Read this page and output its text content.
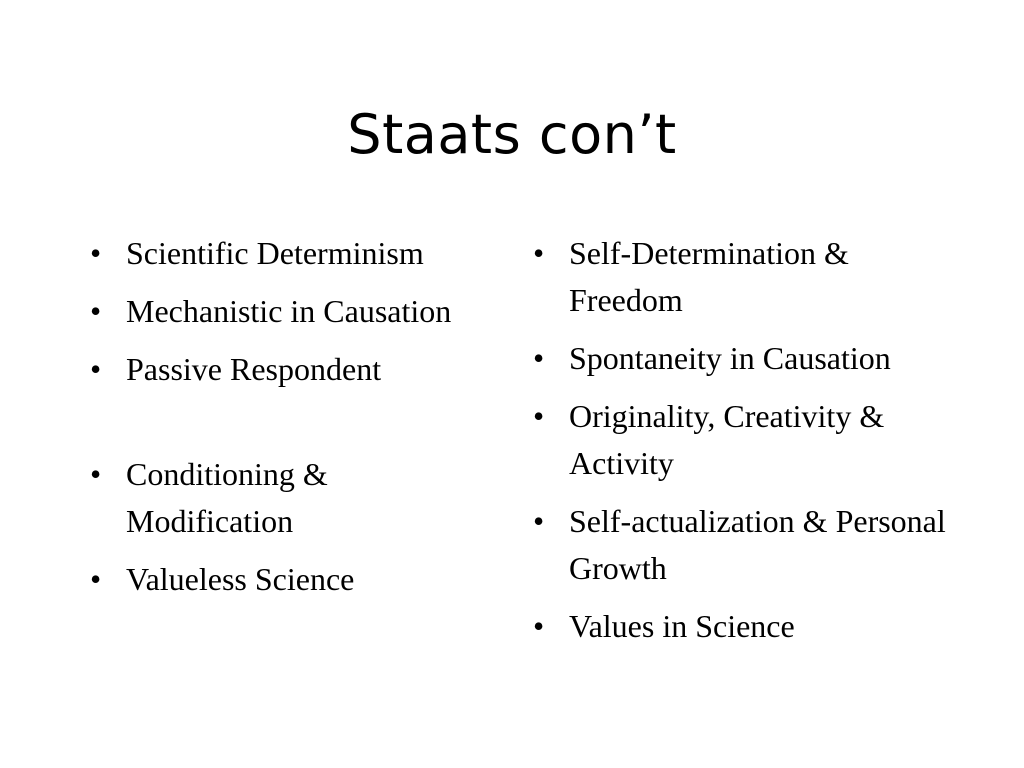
Staats con’t
• Scientific Determinism
• Mechanistic in Causation
• Passive Respondent
• Conditioning & Modification
• Valueless Science
• Self-Determination & Freedom
• Spontaneity in Causation
• Originality, Creativity & Activity
• Self-actualization & Personal Growth
• Values in Science
